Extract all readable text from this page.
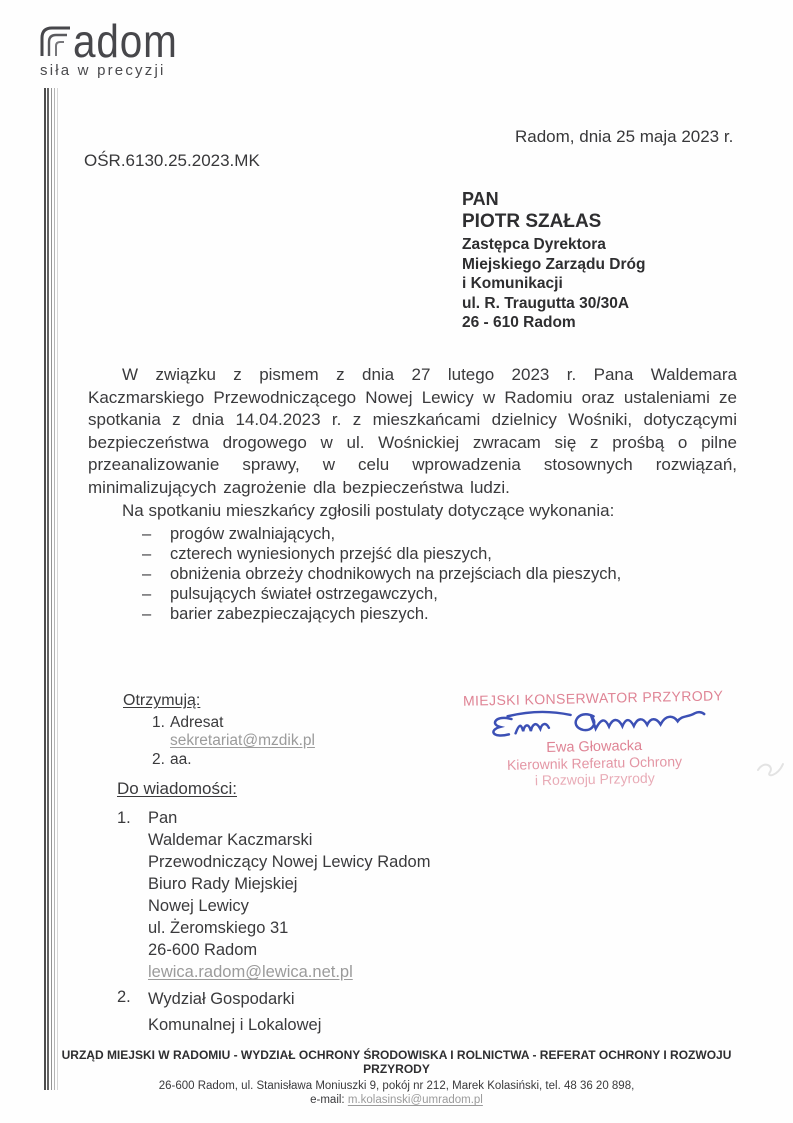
adom
siła w precyzji
Radom, dnia 25 maja 2023 r.
OŚR.6130.25.2023.MK
PAN
PIOTR SZAŁAS
Zastępca Dyrektora
Miejskiego Zarządu Dróg
i Komunikacji
ul. R. Traugutta 30/30A
26 - 610 Radom

W związku z pismem z dnia 27 lutego 2023 r. Pana Waldemara Kaczmarskiego Przewodniczącego Nowej Lewicy w Radomiu oraz ustaleniami ze spotkania z dnia 14.04.2023 r. z mieszkańcami dzielnicy Wośniki, dotyczącymi bezpieczeństwa drogowego w ul. Wośnickiej zwracam się z prośbą o pilne przeanalizowanie sprawy, w celu wprowadzenia stosownych rozwiązań, minimalizujących zagrożenie dla bezpieczeństwa ludzi.

Na spotkaniu mieszkańcy zgłosili postulaty dotyczące wykonania:

–	progów zwalniających,
–	czterech wyniesionych przejść dla pieszych,
–	obniżenia obrzeży chodnikowych na przejściach dla pieszych,
–	pulsujących świateł ostrzegawczych,
–	barier zabezpieczających pieszych.
Otrzymują:
1. Adresat
sekretariat@mzdik.pl
2. aa.
MIEJSKI KONSERWATOR PRZYRODY
Ewa Głowacka
Kierownik Referatu Ochrony
i Rozwoju Przyrody
Do wiadomości:
1.	Pan
Waldemar Kaczmarski
Przewodniczący Nowej Lewicy Radom
Biuro Rady Miejskiej
Nowej Lewicy
ul. Żeromskiego 31
26-600 Radom
lewica.radom@lewica.net.pl
2.	Wydział Gospodarki
Komunalnej i Lokalowej
URZĄD MIEJSKI W RADOMIU - WYDZIAŁ OCHRONY ŚRODOWISKA I ROLNICTWA - REFERAT OCHRONY I ROZWOJU
PRZYRODY
26-600 Radom, ul. Stanisława Moniuszki 9, pokój nr 212, Marek Kolasiński, tel. 48 36 20 898,
e-mail: m.kolasinski@umradom.pl
